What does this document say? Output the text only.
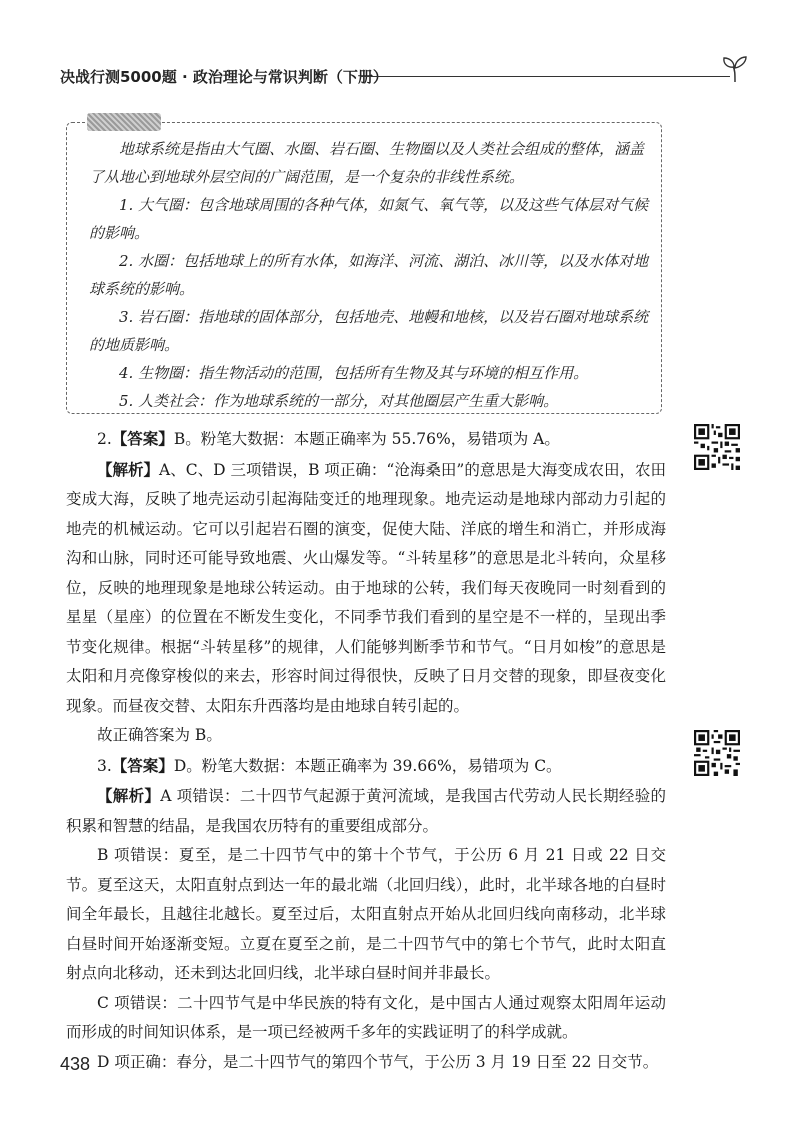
决战行测5000题 · 政治理论与常识判断（下册）

地球系统是指由大气圈、水圈、岩石圈、生物圈以及人类社会组成的整体，涵盖了从地心到地球外层空间的广阔范围，是一个复杂的非线性系统。

1. 大气圈：包含地球周围的各种气体，如氮气、氧气等，以及这些气体层对气候的影响。

2. 水圈：包括地球上的所有水体，如海洋、河流、湖泊、冰川等，以及水体对地球系统的影响。

3. 岩石圈：指地球的固体部分，包括地壳、地幔和地核，以及岩石圈对地球系统的地质影响。

4. 生物圈：指生物活动的范围，包括所有生物及其与环境的相互作用。

5. 人类社会：作为地球系统的一部分，对其他圈层产生重大影响。

2.【答案】B。粉笔大数据：本题正确率为 55.76%，易错项为 A。

【解析】A、C、D 三项错误，B 项正确：“沧海桑田”的意思是大海变成农田，农田变成大海，反映了地壳运动引起海陆变迁的地理现象。地壳运动是地球内部动力引起的地壳的机械运动。它可以引起岩石圈的演变，促使大陆、洋底的增生和消亡，并形成海沟和山脉，同时还可能导致地震、火山爆发等。“斗转星移”的意思是北斗转向，众星移位，反映的地理现象是地球公转运动。由于地球的公转，我们每天夜晚同一时刻看到的星星（星座）的位置在不断发生变化，不同季节我们看到的星空是不一样的，呈现出季节变化规律。根据“斗转星移”的规律，人们能够判断季节和节气。“日月如梭”的意思是太阳和月亮像穿梭似的来去，形容时间过得很快，反映了日月交替的现象，即昼夜变化现象。而昼夜交替、太阳东升西落均是由地球自转引起的。

故正确答案为 B。

3.【答案】D。粉笔大数据：本题正确率为 39.66%，易错项为 C。

【解析】A 项错误：二十四节气起源于黄河流域，是我国古代劳动人民长期经验的积累和智慧的结晶，是我国农历特有的重要组成部分。

B 项错误：夏至，是二十四节气中的第十个节气，于公历 6 月 21 日或 22 日交节。夏至这天，太阳直射点到达一年的最北端（北回归线），此时，北半球各地的白昼时间全年最长，且越往北越长。夏至过后，太阳直射点开始从北回归线向南移动，北半球白昼时间开始逐渐变短。立夏在夏至之前，是二十四节气中的第七个节气，此时太阳直射点向北移动，还未到达北回归线，北半球白昼时间并非最长。

C 项错误：二十四节气是中华民族的特有文化，是中国古人通过观察太阳周年运动而形成的时间知识体系，是一项已经被两千多年的实践证明了的科学成就。

D 项正确：春分，是二十四节气的第四个节气，于公历 3 月 19 日至 22 日交节。

438
